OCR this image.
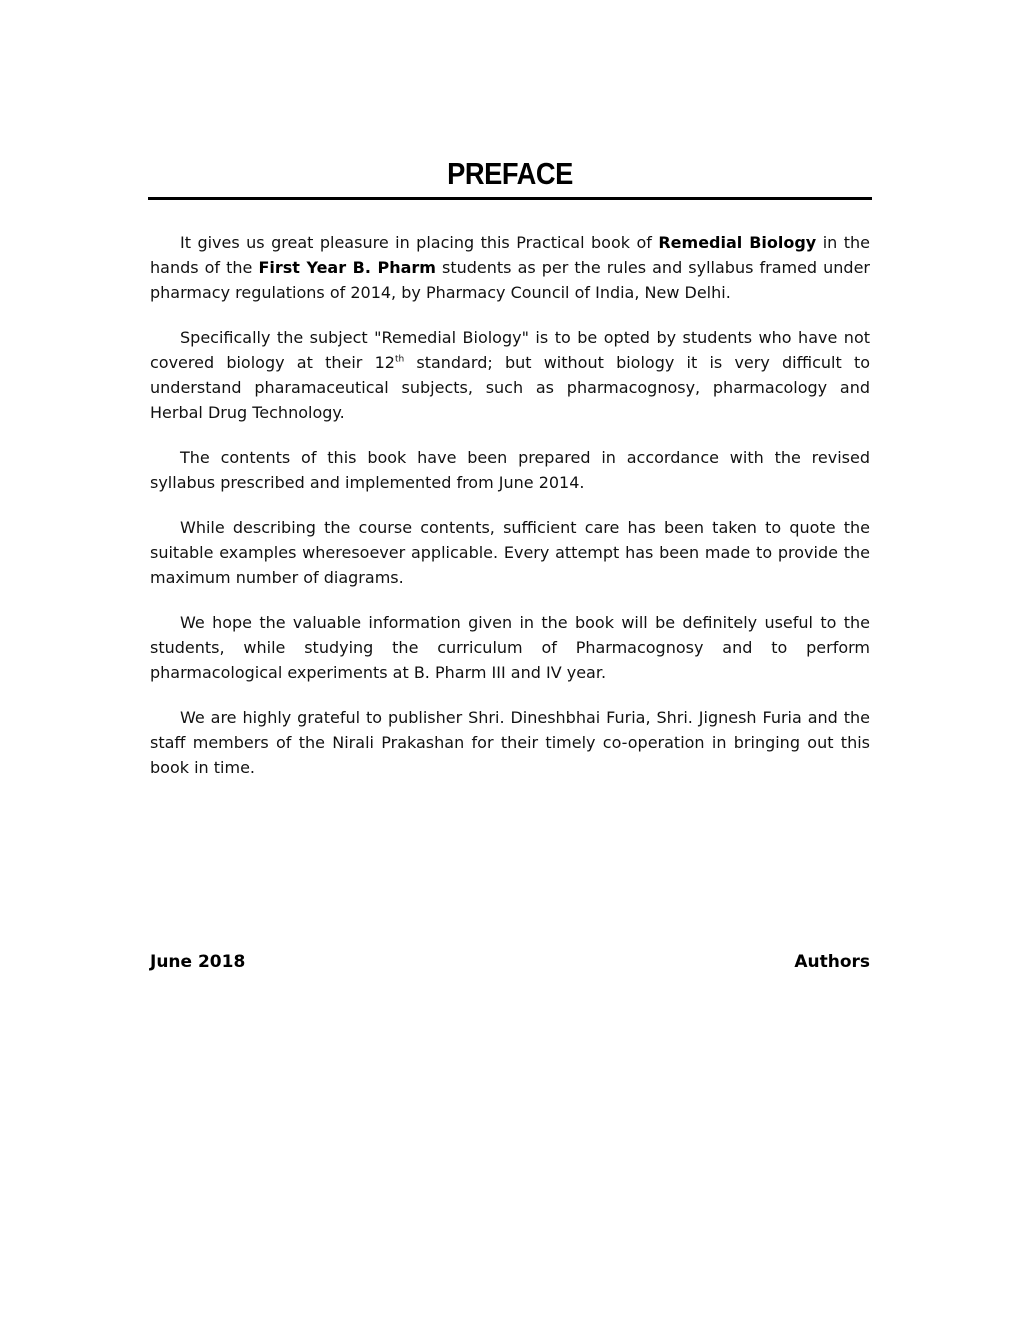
PREFACE

It gives us great pleasure in placing this Practical book of Remedial Biology in the hands of the First Year B. Pharm students as per the rules and syllabus framed under pharmacy regulations of 2014, by Pharmacy Council of India, New Delhi.

Specifically the subject "Remedial Biology" is to be opted by students who have not covered biology at their 12th standard; but without biology it is very difficult to understand pharamaceutical subjects, such as pharmacognosy, pharmacology and Herbal Drug Technology.

The contents of this book have been prepared in accordance with the revised syllabus prescribed and implemented from June 2014.

While describing the course contents, sufficient care has been taken to quote the suitable examples wheresoever applicable. Every attempt has been made to provide the maximum number of diagrams.

We hope the valuable information given in the book will be definitely useful to the students, while studying the curriculum of Pharmacognosy and to perform pharmacological experiments at B. Pharm III and IV year.

We are highly grateful to publisher Shri. Dineshbhai Furia, Shri. Jignesh Furia and the staff members of the Nirali Prakashan for their timely co-operation in bringing out this book in time.

June 2018	Authors
